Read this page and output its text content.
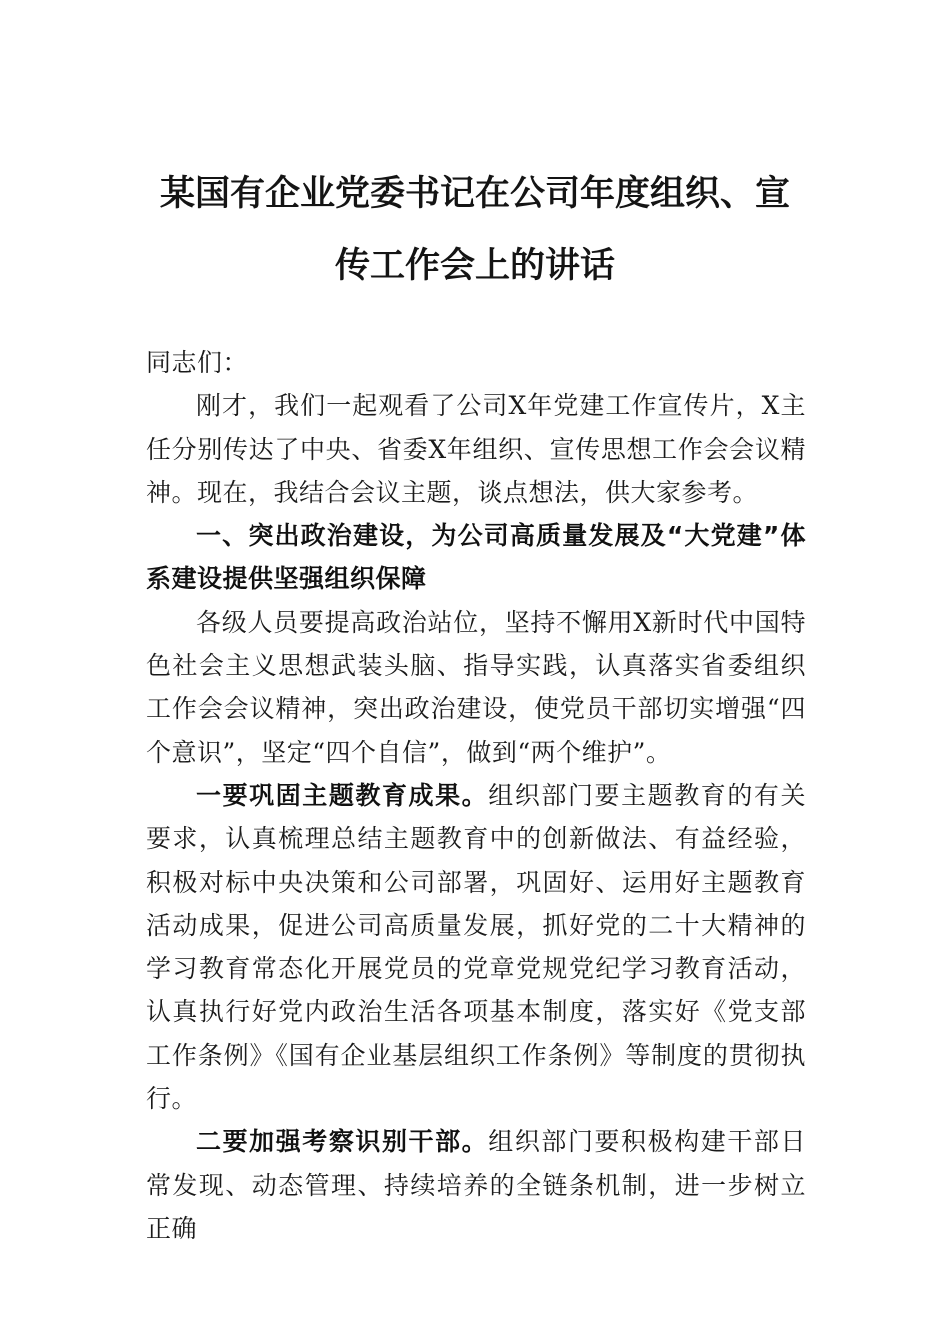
某国有企业党委书记在公司年度组织、宣
传工作会上的讲话

同志们：

刚才，我们一起观看了公司X年党建工作宣传片，X主任分别传达了中央、省委X年组织、宣传思想工作会会议精神。现在，我结合会议主题，谈点想法，供大家参考。

一、突出政治建设，为公司高质量发展及“大党建”体系建设提供坚强组织保障

各级人员要提高政治站位，坚持不懈用X新时代中国特色社会主义思想武装头脑、指导实践，认真落实省委组织工作会会议精神，突出政治建设，使党员干部切实增强“四个意识”，坚定“四个自信”，做到“两个维护”。

一要巩固主题教育成果。组织部门要主题教育的有关要求，认真梳理总结主题教育中的创新做法、有益经验，积极对标中央决策和公司部署，巩固好、运用好主题教育活动成果，促进公司高质量发展，抓好党的二十大精神的学习教育常态化开展党员的党章党规党纪学习教育活动，认真执行好党内政治生活各项基本制度，落实好《党支部工作条例》《国有企业基层组织工作条例》等制度的贯彻执行。

二要加强考察识别干部。组织部门要积极构建干部日常发现、动态管理、持续培养的全链条机制，进一步树立正确
